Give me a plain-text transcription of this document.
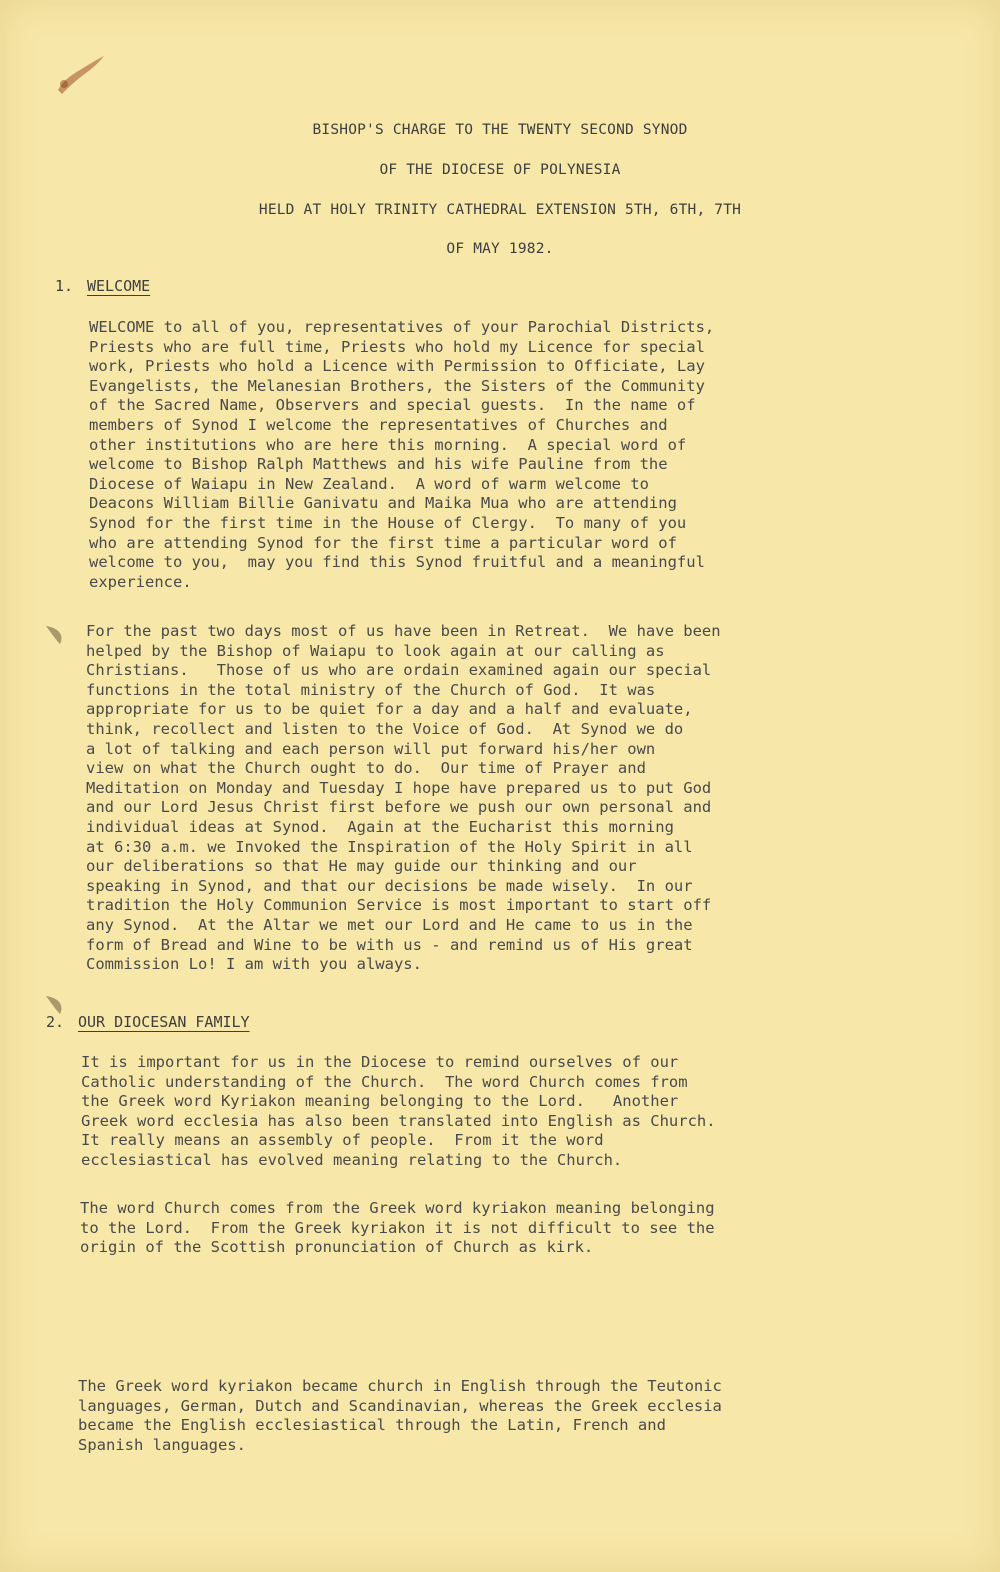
BISHOP'S CHARGE TO THE TWENTY SECOND SYNOD
OF THE DIOCESE OF POLYNESIA
HELD AT HOLY TRINITY CATHEDRAL EXTENSION 5TH, 6TH, 7TH
OF MAY 1982.
1. WELCOME

WELCOME to all of you, representatives of your Parochial Districts,
Priests who are full time, Priests who hold my Licence for special
work, Priests who hold a Licence with Permission to Officiate, Lay
Evangelists, the Melanesian Brothers, the Sisters of the Community
of the Sacred Name, Observers and special guests.  In the name of
members of Synod I welcome the representatives of Churches and
other institutions who are here this morning.  A special word of
welcome to Bishop Ralph Matthews and his wife Pauline from the
Diocese of Waiapu in New Zealand.  A word of warm welcome to
Deacons William Billie Ganivatu and Maika Mua who are attending
Synod for the first time in the House of Clergy.  To many of you
who are attending Synod for the first time a particular word of
welcome to you,  may you find this Synod fruitful and a meaningful
experience.

For the past two days most of us have been in Retreat.  We have been
helped by the Bishop of Waiapu to look again at our calling as
Christians.   Those of us who are ordain examined again our special
functions in the total ministry of the Church of God.  It was
appropriate for us to be quiet for a day and a half and evaluate,
think, recollect and listen to the Voice of God.  At Synod we do
a lot of talking and each person will put forward his/her own
view on what the Church ought to do.  Our time of Prayer and
Meditation on Monday and Tuesday I hope have prepared us to put God
and our Lord Jesus Christ first before we push our own personal and
individual ideas at Synod.  Again at the Eucharist this morning
at 6:30 a.m. we Invoked the Inspiration of the Holy Spirit in all
our deliberations so that He may guide our thinking and our
speaking in Synod, and that our decisions be made wisely.  In our
tradition the Holy Communion Service is most important to start off
any Synod.  At the Altar we met our Lord and He came to us in the
form of Bread and Wine to be with us - and remind us of His great
Commission Lo! I am with you always.

2. OUR DIOCESAN FAMILY

It is important for us in the Diocese to remind ourselves of our
Catholic understanding of the Church.  The word Church comes from
the Greek word Kyriakon meaning belonging to the Lord.   Another
Greek word ecclesia has also been translated into English as Church.
It really means an assembly of people.  From it the word
ecclesiastical has evolved meaning relating to the Church.

The word Church comes from the Greek word kyriakon meaning belonging
to the Lord.  From the Greek kyriakon it is not difficult to see the
origin of the Scottish pronunciation of Church as kirk.

The Greek word kyriakon became church in English through the Teutonic
languages, German, Dutch and Scandinavian, whereas the Greek ecclesia
became the English ecclesiastical through the Latin, French and
Spanish languages.
